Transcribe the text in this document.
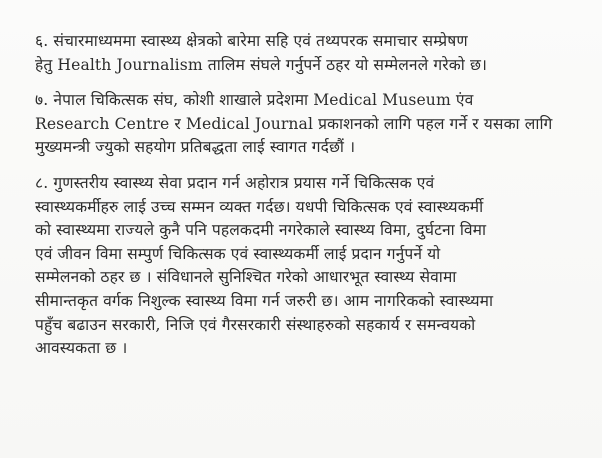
६. संचारमाध्यममा स्वास्थ्य क्षेत्रको बारेमा सहि एवं तथ्यपरक समाचार सम्प्रेषण
हेतु Health Journalism तालिम संघले गर्नुपर्ने ठहर यो सम्मेलनले गरेको छ।

७. नेपाल चिकित्सक संघ, कोशी शाखाले प्रदेशमा Medical Museum एंव
Research Centre र Medical Journal प्रकाशनको लागि पहल गर्ने र यसका लागि
मुख्यमन्त्री ज्युको सहयोग प्रतिबद्धता लाई स्वागत गर्दछौं ।

८. गुणस्तरीय स्वास्थ्य सेवा प्रदान गर्न अहोरात्र प्रयास गर्ने चिकित्सक एवं
स्वास्थ्यकर्मीहरु लाई उच्च सम्मन व्यक्त गर्दछ। यधपी चिकित्सक एवं स्वास्थ्यकर्मी
को स्वास्थ्यमा राज्यले कुनै पनि पहलकदमी नगरेकाले स्वास्थ्य विमा, दुर्घटना विमा
एवं जीवन विमा सम्पुर्ण चिकित्सक एवं स्वास्थ्यकर्मी लाई प्रदान गर्नुपर्ने यो
सम्मेलनको ठहर छ । संविधानले सुनिश्चित गरेको आधारभूत स्वास्थ्य सेवामा
सीमान्तकृत वर्गक निशुल्क स्वास्थ्य विमा गर्न जरुरी छ। आम नागरिकको स्वास्थ्यमा
पहुँच बढाउन सरकारी, निजि एवं गैरसरकारी संस्थाहरुको सहकार्य र समन्वयको
आवस्यकता छ ।
